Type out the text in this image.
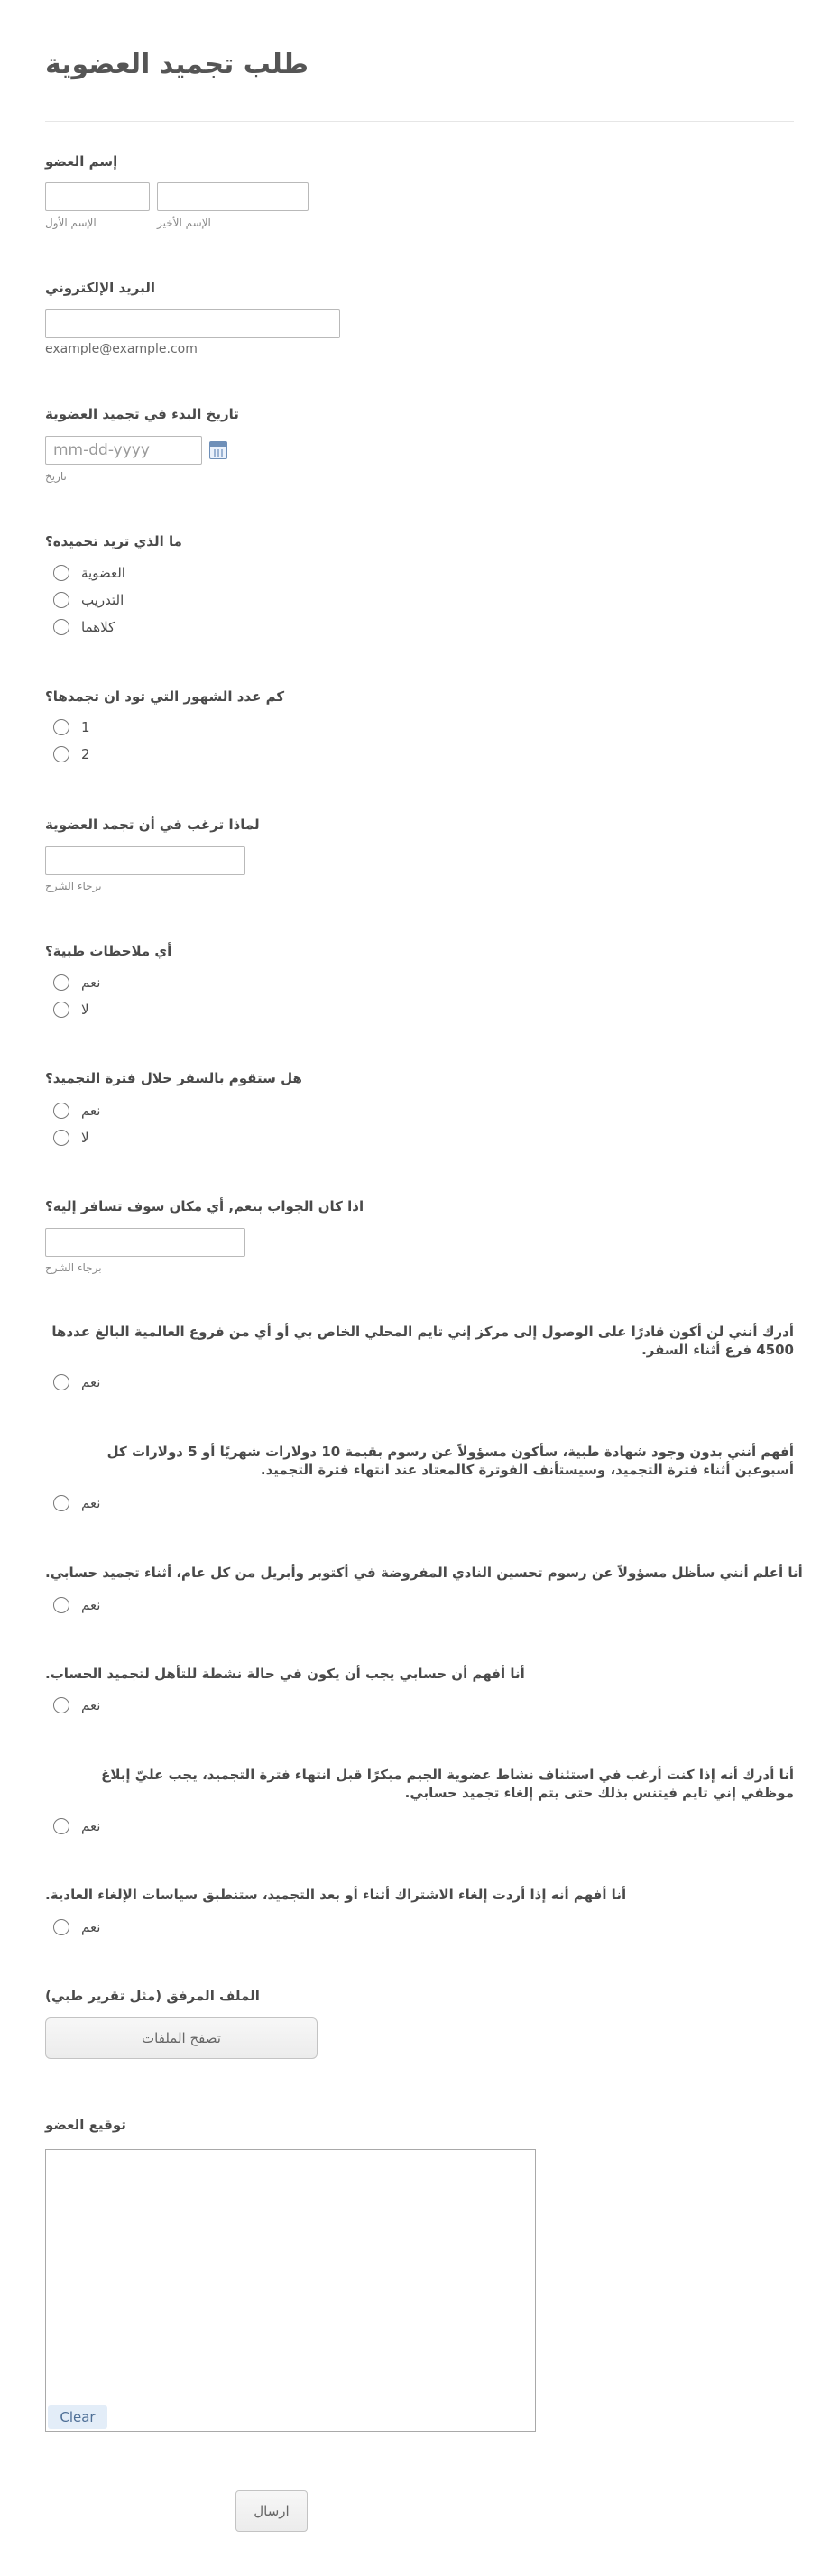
طلب تجميد العضوية
إسم العضو
الإسم الأول	الإسم الأخير
البريد الإلكتروني
example@example.com
تاريخ البدء في تجميد العضوية
mm-dd-yyyy
تاريخ
ما الذي تريد تجميده؟
العضوية
التدريب
كلاهما
كم عدد الشهور التي تود ان تجمدها؟
1
2
لماذا ترغب في أن تجمد العضوية
برجاء الشرح
أي ملاحظات طبية؟
نعم
لا
هل ستقوم بالسفر خلال فترة التجميد؟
نعم
لا
اذا كان الجواب بنعم, أي مكان سوف تسافر إليه؟
برجاء الشرح
أدرك أنني لن أكون قادرًا على الوصول إلى مركز إني تايم المحلي الخاص بي أو أي من فروع العالمية البالغ عددها 4500 فرع أثناء السفر.
نعم
أفهم أنني بدون وجود شهادة طبية، سأكون مسؤولاً عن رسوم بقيمة 10 دولارات شهريًا أو 5 دولارات كل أسبوعين أثناء فترة التجميد، وسيستأنف الفوترة كالمعتاد عند انتهاء فترة التجميد.
نعم
أنا أعلم أنني سأظل مسؤولاً عن رسوم تحسين النادي المفروضة في أكتوبر وأبريل من كل عام، أثناء تجميد حسابي.
نعم
أنا أفهم أن حسابي يجب أن يكون في حالة نشطة للتأهل لتجميد الحساب.
نعم
أنا أدرك أنه إذا كنت أرغب في استئناف نشاط عضوية الجيم مبكرًا قبل انتهاء فترة التجميد، يجب عليّ إبلاغ موظفي إني تايم فيتنس بذلك حتى يتم إلغاء تجميد حسابي.
نعم
أنا أفهم أنه إذا أردت إلغاء الاشتراك أثناء أو بعد التجميد، ستنطبق سياسات الإلغاء العادية.
نعم
الملف المرفق (مثل تقرير طبي)
تصفح الملفات
توقيع العضو
Clear
ارسال
